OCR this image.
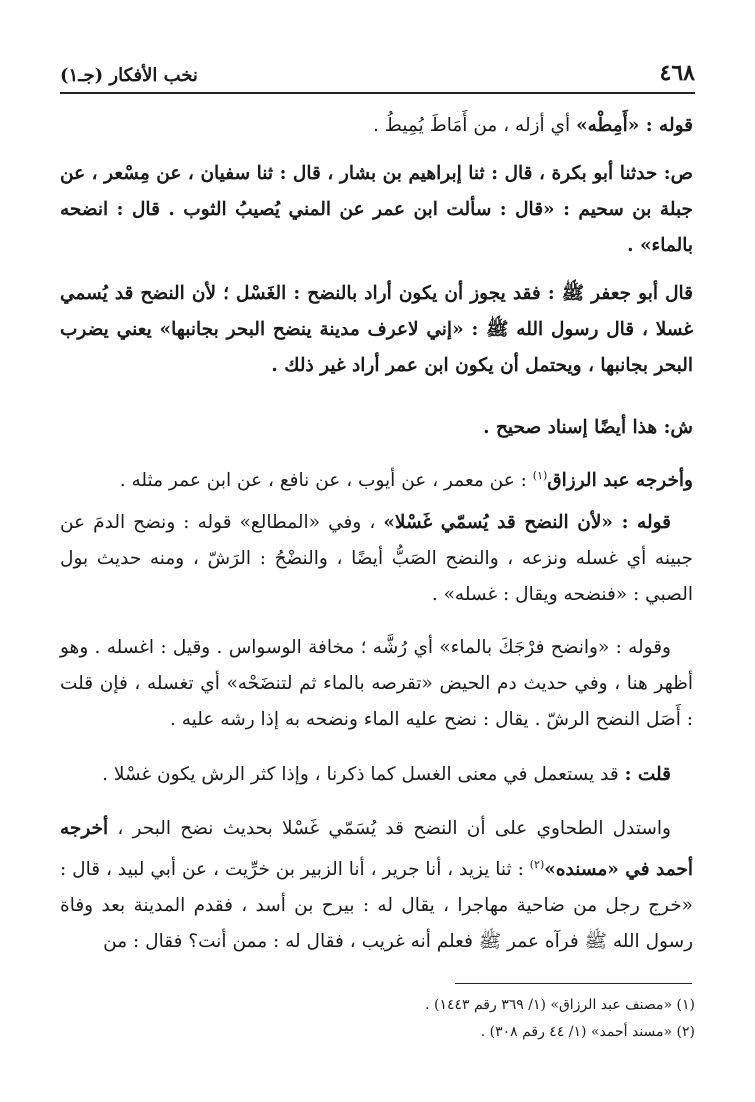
٤٦٨
نخب الأفكار (جـ١)
قوله : «أَمِطْه» أي أزله ، من أَمَاطَ يُمِيطُ .
ص: حدثنا أبو بكرة ، قال : ثنا إبراهيم بن بشار ، قال : ثنا سفيان ، عن مِسْعر ، عن جبلة بن سحيم : «قال : سألت ابن عمر عن المني يُصيبُ الثوب . قال : انضحه بالماء» .
قال أبو جعفر ﷺ : فقد يجوز أن يكون أراد بالنضح : الغَسْل ؛ لأن النضح قد يُسمي غسلا ، قال رسول الله ﷺ : «إني لاعرف مدينة ينضح البحر بجانبها» يعني يضرب البحر بجانبها ، ويحتمل أن يكون ابن عمر أراد غير ذلك .
ش: هذا أيضًا إسناد صحيح .
وأخرجه عبد الرزاق$^{(١)}$ : عن معمر ، عن أيوب ، عن نافع ، عن ابن عمر مثله .
قوله : «لأن النضح قد يُسمّي غَسْلا» ، وفي «المطالع» قوله : ونضح الدمَ عن جبينه أي غسله ونزعه ، والنضح الصَبُّ أيضًا ، والنضْحُ : الرَشّ ، ومنه حديث بول الصبي : «فنضحه ويقال : غسله» .
وقوله : «وانضح فرْجَكَ بالماء» أي رُشَّه ؛ مخافة الوسواس . وقيل : اغسله . وهو أظهر هنا ، وفي حديث دم الحيض «تقرصه بالماء ثم لتنضَحْه» أي تغسله ، فإن قلت : أَصَل النضح الرشّ . يقال : نضح عليه الماء ونضحه به إذا رشه عليه .
قلت : قد يستعمل في معنى الغسل كما ذكرنا ، وإذا كثر الرش يكون غسْلا .
واستدل الطحاوي على أن النضح قد يُسَمّي غَسْلا بحديث نضح البحر ، أخرجه أحمد في «مسنده»$^{(٢)}$ : ثنا يزيد ، أنا جرير ، أنا الزبير بن خرِّيت ، عن أبي لبيد ، قال : «خرج رجل من ضاحية مهاجرا ، يقال له : بيرح بن أسد ، فقدم المدينة بعد وفاة رسول الله ﷺ فرآه عمر ﷺ فعلم أنه غريب ، فقال له : ممن أنت؟ فقال : من
(١) «مصنف عبد الرزاق» (١/ ٣٦٩ رقم ١٤٤٣) .
(٢) «مسند أحمد» (١/ ٤٤ رقم ٣٠٨) .
